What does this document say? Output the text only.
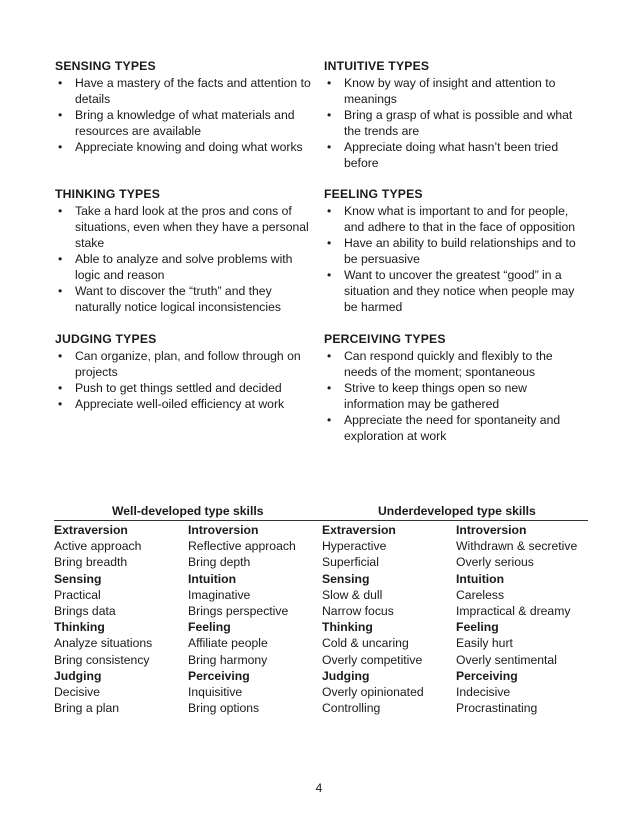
SENSING TYPES
• Have a mastery of the facts and attention to details
• Bring a knowledge of what materials and resources are available
• Appreciate knowing and doing what works
INTUITIVE TYPES
• Know by way of insight and attention to meanings
• Bring a grasp of what is possible and what the trends are
• Appreciate doing what hasn’t been tried before
THINKING TYPES
• Take a hard look at the pros and cons of situations, even when they have a personal stake
• Able to analyze and solve problems with logic and reason
• Want to discover the “truth” and they naturally notice logical inconsistencies
FEELING TYPES
• Know what is important to and for people, and adhere to that in the face of opposition
• Have an ability to build relationships and to be persuasive
• Want to uncover the greatest “good” in a situation and they notice when people may be harmed
JUDGING TYPES
• Can organize, plan, and follow through on projects
• Push to get things settled and decided
• Appreciate well-oiled efficiency at work
PERCEIVING TYPES
• Can respond quickly and flexibly to the needs of the moment; spontaneous
• Strive to keep things open so new information may be gathered
• Appreciate the need for spontaneity and exploration at work
Well-developed type skills	Underdeveloped type skills
Extraversion	Introversion	Extraversion	Introversion
Active approach	Reflective approach	Hyperactive	Withdrawn & secretive
Bring breadth	Bring depth	Superficial	Overly serious
Sensing	Intuition	Sensing	Intuition
Practical	Imaginative	Slow & dull	Careless
Brings data	Brings perspective	Narrow focus	Impractical & dreamy
Thinking	Feeling	Thinking	Feeling
Analyze situations	Affiliate people	Cold & uncaring	Easily hurt
Bring consistency	Bring harmony	Overly competitive	Overly sentimental
Judging	Perceiving	Judging	Perceiving
Decisive	Inquisitive	Overly opinionated	Indecisive
Bring a plan	Bring options	Controlling	Procrastinating
4
